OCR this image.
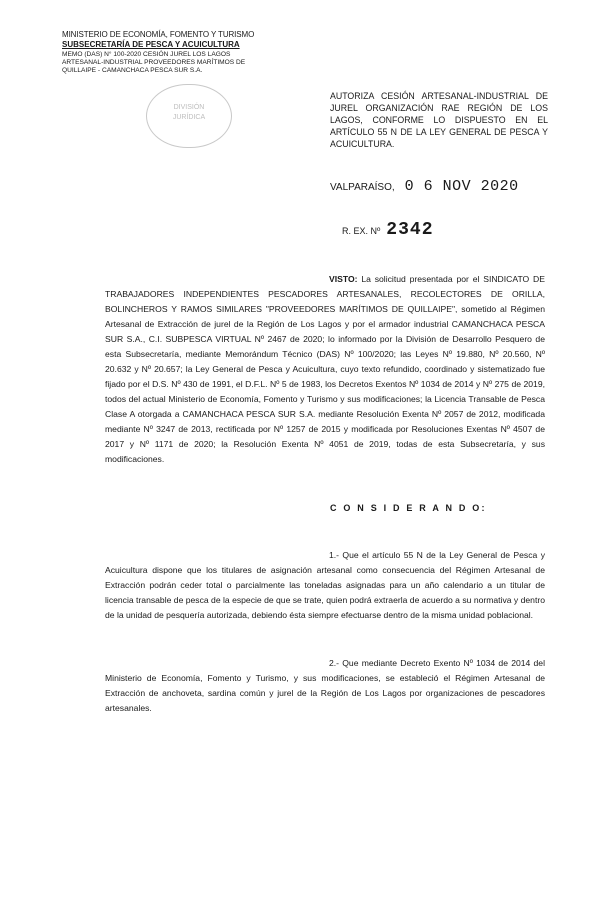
MINISTERIO DE ECONOMÍA, FOMENTO Y TURISMO
SUBSECRETARÍA DE PESCA Y ACUICULTURA
MEMO (DAS) N° 100-2020 CESIÓN JUREL LOS LAGOS
ARTESANAL-INDUSTRIAL PROVEEDORES MARÍTIMOS DE
QUILLAIPE - CAMANCHACA PESCA SUR S.A.
DIVISIÓN
JURÍDICA
AUTORIZA CESIÓN ARTESANAL-INDUSTRIAL DE JUREL ORGANIZACIÓN RAE REGIÓN DE LOS LAGOS, CONFORME LO DISPUESTO EN EL ARTÍCULO 55 N DE LA LEY GENERAL DE PESCA Y ACUICULTURA.
VALPARAÍSO, 0 6 NOV 2020
R. EX. Nº 2342
VISTO: La solicitud presentada por el SINDICATO DE TRABAJADORES INDEPENDIENTES PESCADORES ARTESANALES, RECOLECTORES DE ORILLA, BOLINCHEROS Y RAMOS SIMILARES "PROVEEDORES MARÍTIMOS DE QUILLAIPE", sometido al Régimen Artesanal de Extracción de jurel de la Región de Los Lagos y por el armador industrial CAMANCHACA PESCA SUR S.A., C.I. SUBPESCA VIRTUAL Nº 2467 de 2020; lo informado por la División de Desarrollo Pesquero de esta Subsecretaría, mediante Memorándum Técnico (DAS) Nº 100/2020; las Leyes Nº 19.880, Nº 20.560, Nº 20.632 y Nº 20.657; la Ley General de Pesca y Acuicultura, cuyo texto refundido, coordinado y sistematizado fue fijado por el D.S. Nº 430 de 1991, el D.F.L. Nº 5 de 1983, los Decretos Exentos Nº 1034 de 2014 y Nº 275 de 2019, todos del actual Ministerio de Economía, Fomento y Turismo y sus modificaciones; la Licencia Transable de Pesca Clase A otorgada a CAMANCHACA PESCA SUR S.A. mediante Resolución Exenta Nº 2057 de 2012, modificada mediante Nº 3247 de 2013, rectificada por Nº 1257 de 2015 y modificada por Resoluciones Exentas Nº 4507 de 2017 y Nº 1171 de 2020; la Resolución Exenta Nº 4051 de 2019, todas de esta Subsecretaría, y sus modificaciones.
C O N S I D E R A N D O:
1.- Que el artículo 55 N de la Ley General de Pesca y Acuicultura dispone que los titulares de asignación artesanal como consecuencia del Régimen Artesanal de Extracción podrán ceder total o parcialmente las toneladas asignadas para un año calendario a un titular de licencia transable de pesca de la especie de que se trate, quien podrá extraerla de acuerdo a su normativa y dentro de la unidad de pesquería autorizada, debiendo ésta siempre efectuarse dentro de la misma unidad poblacional.
2.- Que mediante Decreto Exento Nº 1034 de 2014 del Ministerio de Economía, Fomento y Turismo, y sus modificaciones, se estableció el Régimen Artesanal de Extracción de anchoveta, sardina común y jurel de la Región de Los Lagos por organizaciones de pescadores artesanales.
